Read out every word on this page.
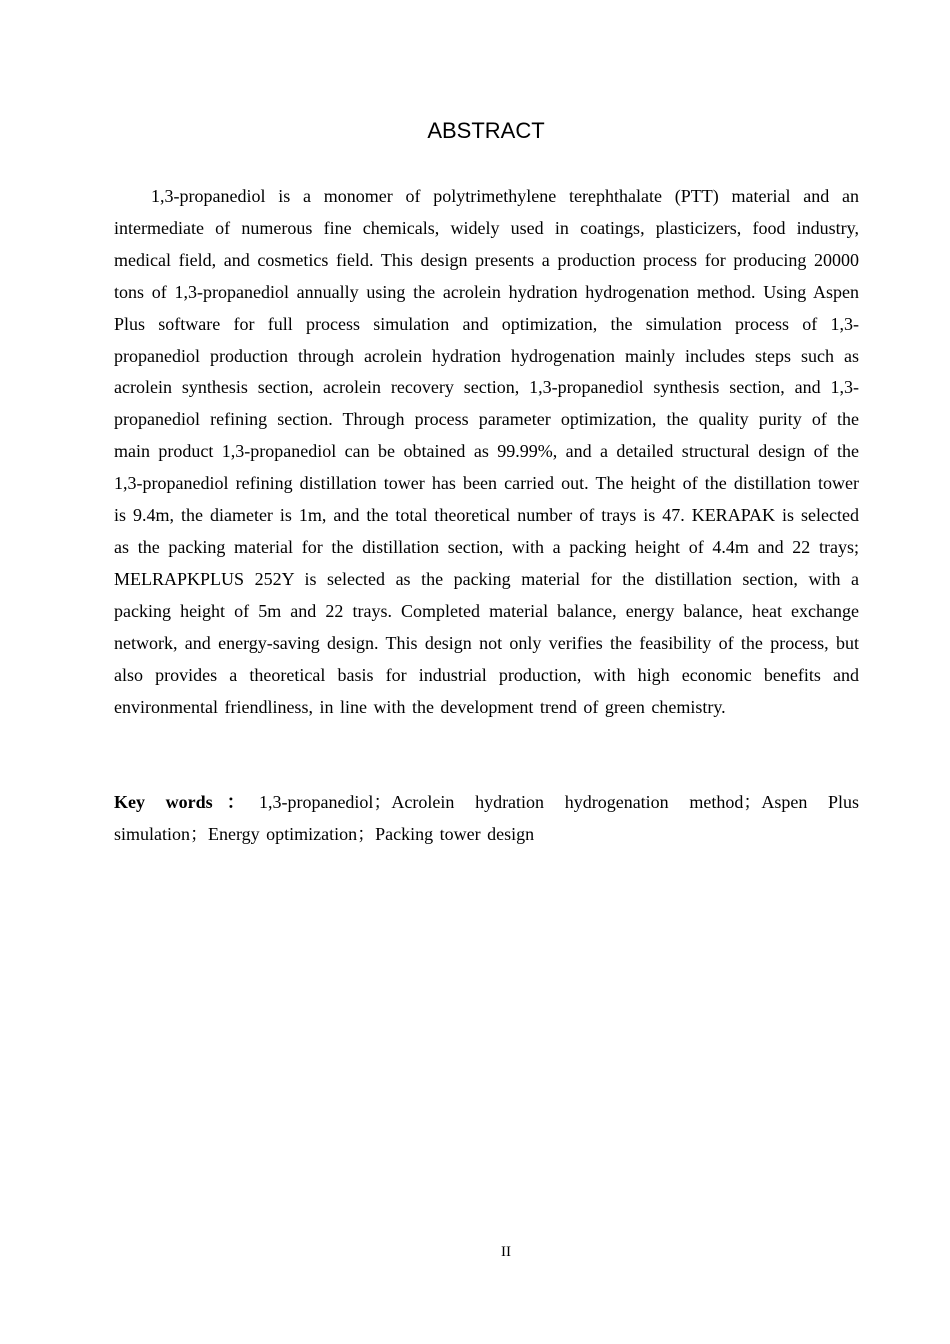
ABSTRACT

1,3-propanediol is a monomer of polytrimethylene terephthalate (PTT) material and an intermediate of numerous fine chemicals, widely used in coatings, plasticizers, food industry, medical field, and cosmetics field. This design presents a production process for producing 20000 tons of 1,3-propanediol annually using the acrolein hydration hydrogenation method. Using Aspen Plus software for full process simulation and optimization, the simulation process of 1,3-propanediol production through acrolein hydration hydrogenation mainly includes steps such as acrolein synthesis section, acrolein recovery section, 1,3-propanediol synthesis section, and 1,3-propanediol refining section. Through process parameter optimization, the quality purity of the main product 1,3-propanediol can be obtained as 99.99%, and a detailed structural design of the 1,3-propanediol refining distillation tower has been carried out. The height of the distillation tower is 9.4m, the diameter is 1m, and the total theoretical number of trays is 47. KERAPAK is selected as the packing material for the distillation section, with a packing height of 4.4m and 22 trays; MELRAPKPLUS 252Y is selected as the packing material for the distillation section, with a packing height of 5m and 22 trays. Completed material balance, energy balance, heat exchange network, and energy-saving design. This design not only verifies the feasibility of the process, but also provides a theoretical basis for industrial production, with high economic benefits and environmental friendliness, in line with the development trend of green chemistry.

Key words：1,3-propanediol；Acrolein hydration hydrogenation method；Aspen Plus simulation；Energy optimization；Packing tower design

II
